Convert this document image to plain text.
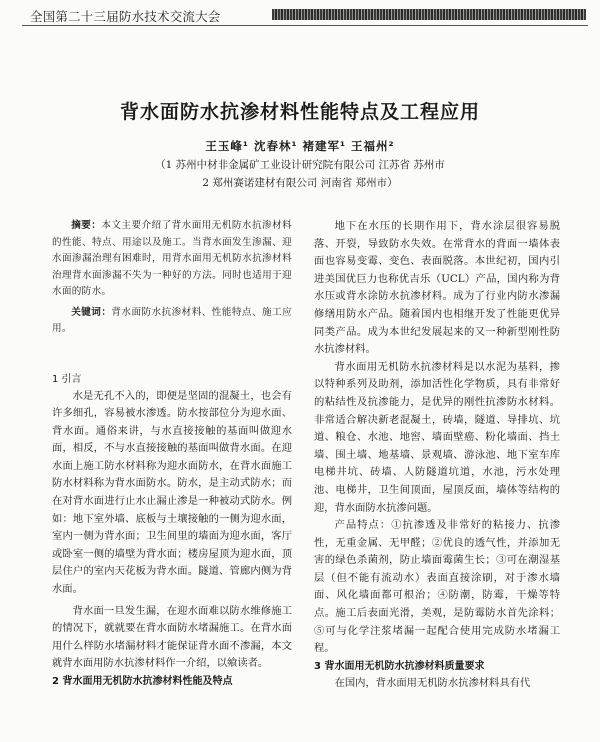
全国第二十三届防水技术交流大会
背水面防水抗渗材料性能特点及工程应用
王玉峰¹ 沈春林¹ 褚建军¹ 王福州²
（1 苏州中材非金属矿工业设计研究院有限公司 江苏省 苏州市
2 郑州赛诺建材有限公司 河南省 郑州市）

摘要：本文主要介绍了背水面用无机防水抗渗材料的性能、特点、用途以及施工。当背水面发生渗漏、迎水面渗漏治理有困难时，用背水面用无机防水抗渗材料治理背水面渗漏不失为一种好的方法。同时也适用于迎水面的防水。

关键词：背水面防水抗渗材料、性能特点、施工应用。

1 引言

水是无孔不入的，即便是坚固的混凝土，也会有许多细孔，容易被水渗透。防水按部位分为迎水面、背水面。通俗来讲，与水直接接触的基面叫做迎水面，相反，不与水直接接触的基面叫做背水面。在迎水面上施工防水材料称为迎水面防水，在背水面施工防水材料称为背水面防水。防水，是主动式防水；而在对背水面进行止水止漏止渗是一种被动式防水。例如：地下室外墙、底板与土壤接触的一侧为迎水面，室内一侧为背水面；卫生间里的墙面为迎水面，客厅或卧室一侧的墙壁为背水面；楼房屋顶为迎水面，顶层住户的室内天花板为背水面。隧道、管廊内侧为背水面。

背水面一旦发生漏，在迎水面难以防水维修施工的情况下，就就要在背水面防水堵漏施工。在背水面用什么样防水堵漏材料才能保证背水面不渗漏，本文就背水面用防水抗渗材料作一介绍，以飨读者。

2 背水面用无机防水抗渗材料性能及特点

地下在水压的长期作用下，背水涂层很容易脱落、开裂，导致防水失效。在常背水的背面一墙体表面也容易变霉、变色、表面脱落。本世纪初，国内引进美国优巨力也称优吉乐（UCL）产品，国内称为背水压或背水涂防水抗渗材料。成为了行业内防水渗漏修缮用防水产品。随着国内也相继开发了性能更优异同类产品。成为本世纪发展起来的又一种新型刚性防水抗渗材料。

背水面用无机防水抗渗材料是以水泥为基料，掺以特种系列及助剂，添加活性化学物质，具有非常好的粘结性及抗渗能力，是优异的刚性抗渗防水材料。非常适合解决新老混凝土，砖墙，隧道、导排坑、坑道、粮仓、水池、地窖、墙面壁癌、粉化墙面、挡土墙、围土墙、地基墙、景观墙、游泳池、地下室车库电梯井坑、砖墙、人防隧道坑道，水池，污水处理池、电梯井，卫生间顶面，屋顶反面，墙体等结构的迎，背水面防水抗渗问题。

产品特点：①抗渗透及非常好的粘接力、抗渗性，无重金属、无甲醛；②优良的透气性，并添加无害的绿色杀菌剂，防止墙面霉菌生长；③可在潮湿基层（但不能有流动水）表面直接涂刷，对于渗水墙面、风化墙面都可根治；④防潮，防霉，干燥等特点。施工后表面光滑，美观，是防霉防水首先涂料；⑤可与化学注浆堵漏一起配合使用完成防水堵漏工程。

3 背水面用无机防水抗渗材料质量要求

在国内，背水面用无机防水抗渗材料具有代
